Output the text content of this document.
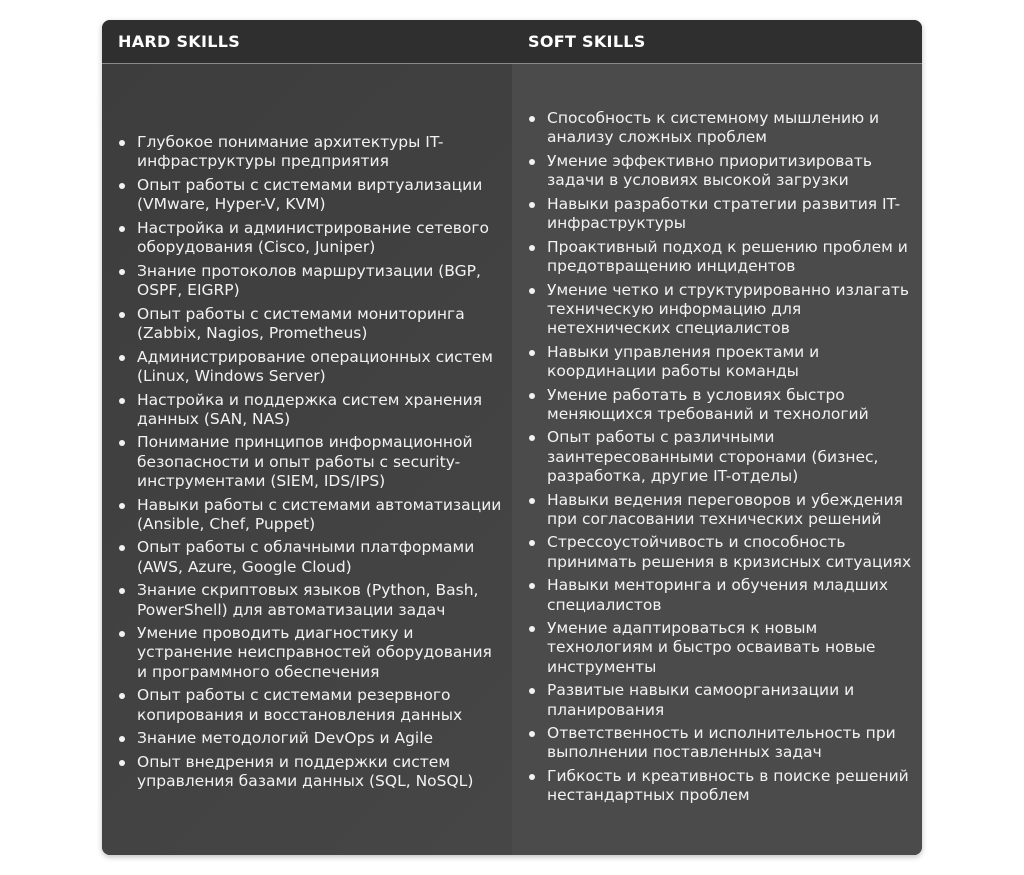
HARD SKILLS	SOFT SKILLS
Глубокое понимание архитектуры IT-инфраструктуры предприятия
Опыт работы с системами виртуализации (VMware, Hyper-V, KVM)
Настройка и администрирование сетевого оборудования (Cisco, Juniper)
Знание протоколов маршрутизации (BGP, OSPF, EIGRP)
Опыт работы с системами мониторинга (Zabbix, Nagios, Prometheus)
Администрирование операционных систем (Linux, Windows Server)
Настройка и поддержка систем хранения данных (SAN, NAS)
Понимание принципов информационной безопасности и опыт работы с security-инструментами (SIEM, IDS/IPS)
Навыки работы с системами автоматизации (Ansible, Chef, Puppet)
Опыт работы с облачными платформами (AWS, Azure, Google Cloud)
Знание скриптовых языков (Python, Bash, PowerShell) для автоматизации задач
Умение проводить диагностику и устранение неисправностей оборудования и программного обеспечения
Опыт работы с системами резервного копирования и восстановления данных
Знание методологий DevOps и Agile
Опыт внедрения и поддержки систем управления базами данных (SQL, NoSQL)
Способность к системному мышлению и анализу сложных проблем
Умение эффективно приоритизировать задачи в условиях высокой загрузки
Навыки разработки стратегии развития IT-инфраструктуры
Проактивный подход к решению проблем и предотвращению инцидентов
Умение четко и структурированно излагать техническую информацию для нетехнических специалистов
Навыки управления проектами и координации работы команды
Умение работать в условиях быстро меняющихся требований и технологий
Опыт работы с различными заинтересованными сторонами (бизнес, разработка, другие IT-отделы)
Навыки ведения переговоров и убеждения при согласовании технических решений
Стрессоустойчивость и способность принимать решения в кризисных ситуациях
Навыки менторинга и обучения младших специалистов
Умение адаптироваться к новым технологиям и быстро осваивать новые инструменты
Развитые навыки самоорганизации и планирования
Ответственность и исполнительность при выполнении поставленных задач
Гибкость и креативность в поиске решений нестандартных проблем
